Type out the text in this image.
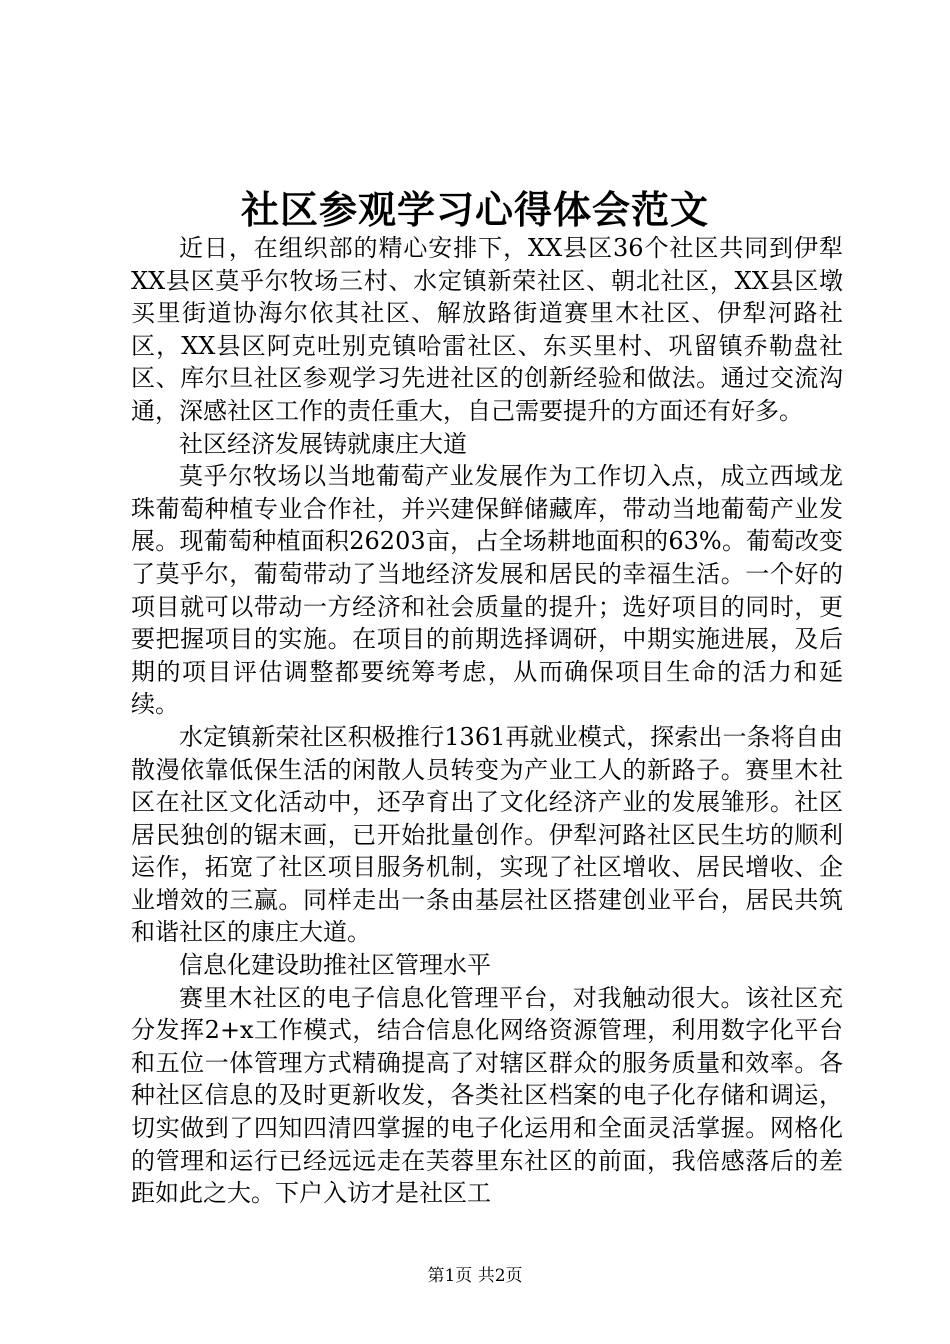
社区参观学习心得体会范文

近日，在组织部的精心安排下，XX县区36个社区共同到伊犁XX县区莫乎尔牧场三村、水定镇新荣社区、朝北社区，XX县区墩买里街道协海尔依其社区、解放路街道赛里木社区、伊犁河路社区，XX县区阿克吐别克镇哈雷社区、东买里村、巩留镇乔勒盘社区、库尔旦社区参观学习先进社区的创新经验和做法。通过交流沟通，深感社区工作的责任重大，自己需要提升的方面还有好多。

社区经济发展铸就康庄大道

莫乎尔牧场以当地葡萄产业发展作为工作切入点，成立西域龙珠葡萄种植专业合作社，并兴建保鲜储藏库，带动当地葡萄产业发展。现葡萄种植面积26203亩，占全场耕地面积的63%。葡萄改变了莫乎尔，葡萄带动了当地经济发展和居民的幸福生活。一个好的项目就可以带动一方经济和社会质量的提升；选好项目的同时，更要把握项目的实施。在项目的前期选择调研，中期实施进展，及后期的项目评估调整都要统筹考虑，从而确保项目生命的活力和延续。

水定镇新荣社区积极推行1361再就业模式，探索出一条将自由散漫依靠低保生活的闲散人员转变为产业工人的新路子。赛里木社区在社区文化活动中，还孕育出了文化经济产业的发展雏形。社区居民独创的锯末画，已开始批量创作。伊犁河路社区民生坊的顺利运作，拓宽了社区项目服务机制，实现了社区增收、居民增收、企业增效的三赢。同样走出一条由基层社区搭建创业平台，居民共筑和谐社区的康庄大道。

信息化建设助推社区管理水平

赛里木社区的电子信息化管理平台，对我触动很大。该社区充分发挥2+x工作模式，结合信息化网络资源管理，利用数字化平台和五位一体管理方式精确提高了对辖区群众的服务质量和效率。各种社区信息的及时更新收发，各类社区档案的电子化存储和调运，切实做到了四知四清四掌握的电子化运用和全面灵活掌握。网格化的管理和运行已经远远走在芙蓉里东社区的前面，我倍感落后的差距如此之大。下户入访才是社区工

第1页 共2页
